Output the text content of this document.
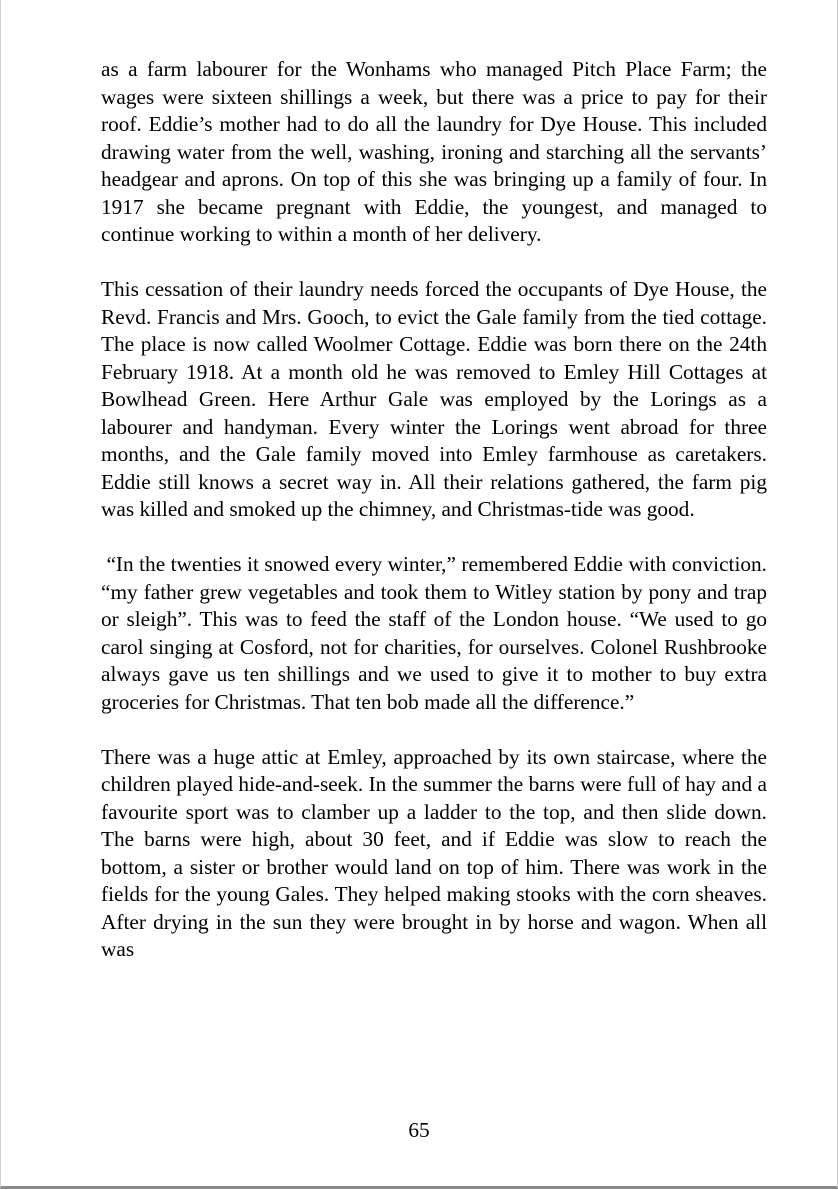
as a farm labourer for the Wonhams who managed Pitch Place Farm; the wages were sixteen shillings a week, but there was a price to pay for their roof. Eddie’s mother had to do all the laundry for Dye House. This included drawing water from the well, washing, ironing and starching all the servants’ headgear and aprons. On top of this she was bringing up a family of four. In 1917 she became pregnant with Eddie, the youngest, and managed to continue working to within a month of her delivery.

This cessation of their laundry needs forced the occupants of Dye House, the Revd. Francis and Mrs. Gooch, to evict the Gale family from the tied cottage. The place is now called Woolmer Cottage. Eddie was born there on the 24th February 1918. At a month old he was removed to Emley Hill Cottages at Bowlhead Green. Here Arthur Gale was employed by the Lorings as a labourer and handyman. Every winter the Lorings went abroad for three months, and the Gale family moved into Emley farmhouse as caretakers. Eddie still knows a secret way in. All their relations gathered, the farm pig was killed and smoked up the chimney, and Christmas-tide was good.

“In the twenties it snowed every winter,” remembered Eddie with conviction. “my father grew vegetables and took them to Witley station by pony and trap or sleigh”. This was to feed the staff of the London house. “We used to go carol singing at Cosford, not for charities, for ourselves. Colonel Rushbrooke always gave us ten shillings and we used to give it to mother to buy extra groceries for Christmas. That ten bob made all the difference.”

There was a huge attic at Emley, approached by its own staircase, where the children played hide-and-seek. In the summer the barns were full of hay and a favourite sport was to clamber up a ladder to the top, and then slide down. The barns were high, about 30 feet, and if Eddie was slow to reach the bottom, a sister or brother would land on top of him. There was work in the fields for the young Gales. They helped making stooks with the corn sheaves. After drying in the sun they were brought in by horse and wagon. When all was

65
